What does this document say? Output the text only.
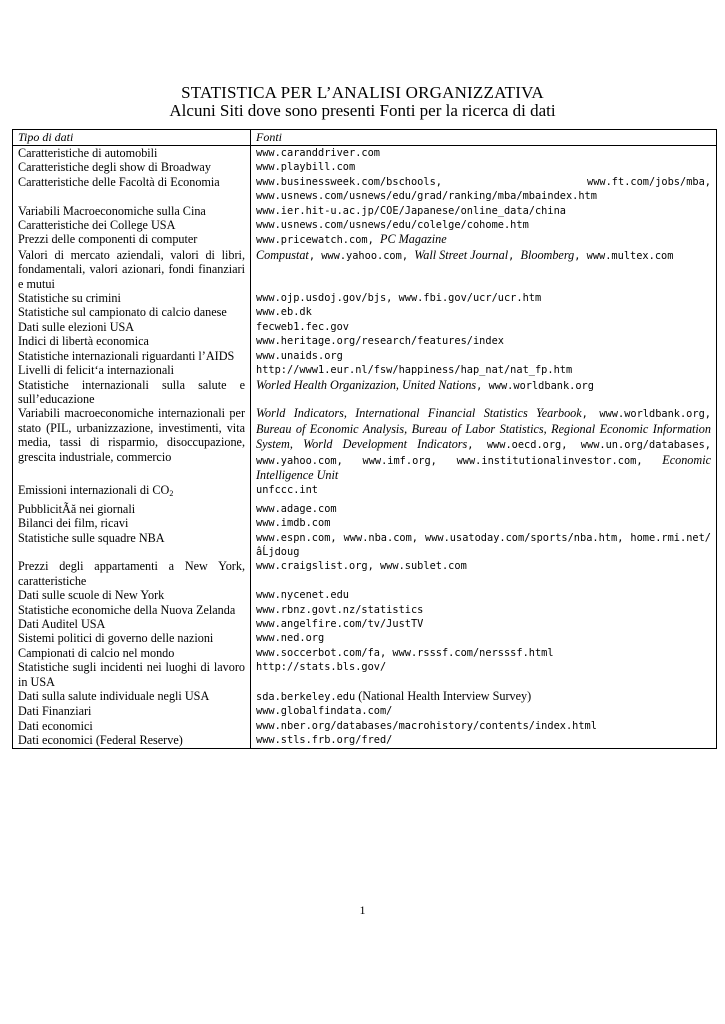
STATISTICA PER L’ANALISI ORGANIZZATIVA
Alcuni Siti dove sono presenti Fonti per la ricerca di dati
Tipo di dati	Fonti
Caratteristiche di automobili	www.caranddriver.com
Caratteristiche degli show di Broadway	www.playbill.com
Caratteristiche delle Facoltà di Economia	www.businessweek.com/bschools, www.ft.com/jobs/mba, www.usnews.com/usnews/edu/grad/ranking/mba/mbaindex.htm
Variabili Macroeconomiche sulla Cina	www.ier.hit-u.ac.jp/COE/Japanese/online_data/china
Caratteristiche dei College USA	www.usnews.com/usnews/edu/colelge/cohome.htm
Prezzi delle componenti di computer	www.pricewatch.com, PC Magazine
Valori di mercato aziendali, valori di libri, fondamentali, valori azionari, fondi finanziari e mutui	Compustat, www.yahoo.com, Wall Street Journal, Bloomberg, www.multex.com
Statistiche su crimini	www.ojp.usdoj.gov/bjs, www.fbi.gov/ucr/ucr.htm
Statistiche sul campionato di calcio danese	www.eb.dk
Dati sulle elezioni USA	fecweb1.fec.gov
Indici di libertà economica	www.heritage.org/research/features/index
Statistiche internazionali riguardanti l’AIDS	www.unaids.org
Livelli di felicit‘a internazionali	http://www1.eur.nl/fsw/happiness/hap_nat/nat_fp.htm
Statistiche internazionali sulla salute e sull’educazione	Worled Health Organizazion, United Nations, www.worldbank.org
Variabili macroeconomiche internazionali per stato (PIL, urbanizzazione, investimenti, vita media, tassi di risparmio, disoccupazione, grescita industriale, commercio	World Indicators, International Financial Statistics Yearbook, www.worldbank.org, Bureau of Economic Analysis, Bureau of Labor Statistics, Regional Economic Information System, World Development Indicators, www.oecd.org, www.un.org/databases, www.yahoo.com, www.imf.org, www.institutionalinvestor.com, Economic Intelligence Unit
Emissioni internazionali di $CO_2$	unfccc.int
PubblicitÃă nei giornali	www.adage.com
Bilanci dei film, ricavi	www.imdb.com
Statistiche sulle squadre NBA	www.espn.com, www.nba.com, www.usatoday.com/sports/nba.htm, home.rmi.net/âĹjdoug
Prezzi degli appartamenti a New York, caratteristiche	www.craigslist.org, www.sublet.com
Dati sulle scuole di New York	www.nycenet.edu
Statistiche economiche della Nuova Zelanda	www.rbnz.govt.nz/statistics
Dati Auditel USA	www.angelfire.com/tv/JustTV
Sistemi politici di governo delle nazioni	www.ned.org
Campionati di calcio nel mondo	www.soccerbot.com/fa, www.rsssf.com/nersssf.html
Statistiche sugli incidenti nei luoghi di lavoro in USA	http://stats.bls.gov/
Dati sulla salute individuale negli USA	sda.berkeley.edu (National Health Interview Survey)
Dati Finanziari	www.globalfindata.com/
Dati economici	www.nber.org/databases/macrohistory/contents/index.html
Dati economici (Federal Reserve)	www.stls.frb.org/fred/
1
